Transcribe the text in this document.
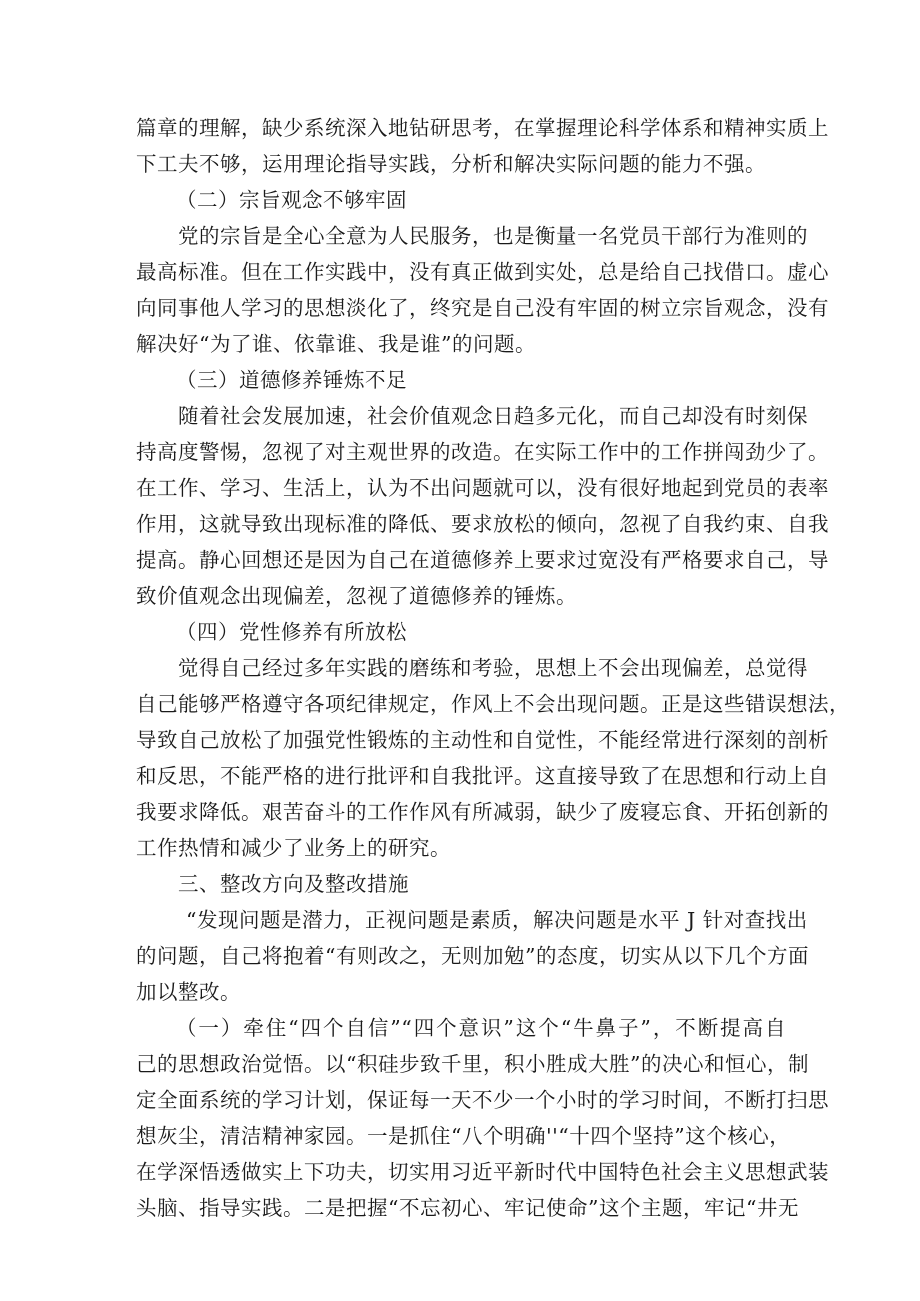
篇章的理解，缺少系统深入地钻研思考，在掌握理论科学体系和精神实质上
下工夫不够，运用理论指导实践，分析和解决实际问题的能力不强。
（二）宗旨观念不够牢固
党的宗旨是全心全意为人民服务，也是衡量一名党员干部行为准则的
最高标准。但在工作实践中，没有真正做到实处，总是给自己找借口。虚心
向同事他人学习的思想淡化了，终究是自己没有牢固的树立宗旨观念，没有
解决好“为了谁、依靠谁、我是谁”的问题。
（三）道德修养锤炼不足
随着社会发展加速，社会价值观念日趋多元化，而自己却没有时刻保
持高度警惕，忽视了对主观世界的改造。在实际工作中的工作拼闯劲少了。
在工作、学习、生活上，认为不出问题就可以，没有很好地起到党员的表率
作用，这就导致出现标准的降低、要求放松的倾向，忽视了自我约束、自我
提高。静心回想还是因为自己在道德修养上要求过宽没有严格要求自己，导
致价值观念出现偏差，忽视了道德修养的锤炼。
（四）党性修养有所放松
觉得自己经过多年实践的磨练和考验，思想上不会出现偏差，总觉得
自己能够严格遵守各项纪律规定，作风上不会出现问题。正是这些错误想法，
导致自己放松了加强党性锻炼的主动性和自觉性，不能经常进行深刻的剖析
和反思，不能严格的进行批评和自我批评。这直接导致了在思想和行动上自
我要求降低。艰苦奋斗的工作作风有所减弱，缺少了废寝忘食、开拓创新的
工作热情和减少了业务上的研究。
三、整改方向及整改措施
“发现问题是潜力，正视问题是素质，解决问题是水平 J 针对查找出
的问题，自己将抱着“有则改之，无则加勉”的态度，切实从以下几个方面
加以整改。
（一）牵住“四个自信”“四个意识”这个“牛鼻子”，不断提高自
己的思想政治觉悟。以“积硅步致千里，积小胜成大胜”的决心和恒心，制
定全面系统的学习计划，保证每一天不少一个小时的学习时间，不断打扫思
想灰尘，清洁精神家园。一是抓住“八个明确''“十四个坚持”这个核心，
在学深悟透做实上下功夫，切实用习近平新时代中国特色社会主义思想武装
头脑、指导实践。二是把握“不忘初心、牢记使命”这个主题，牢记“井无
